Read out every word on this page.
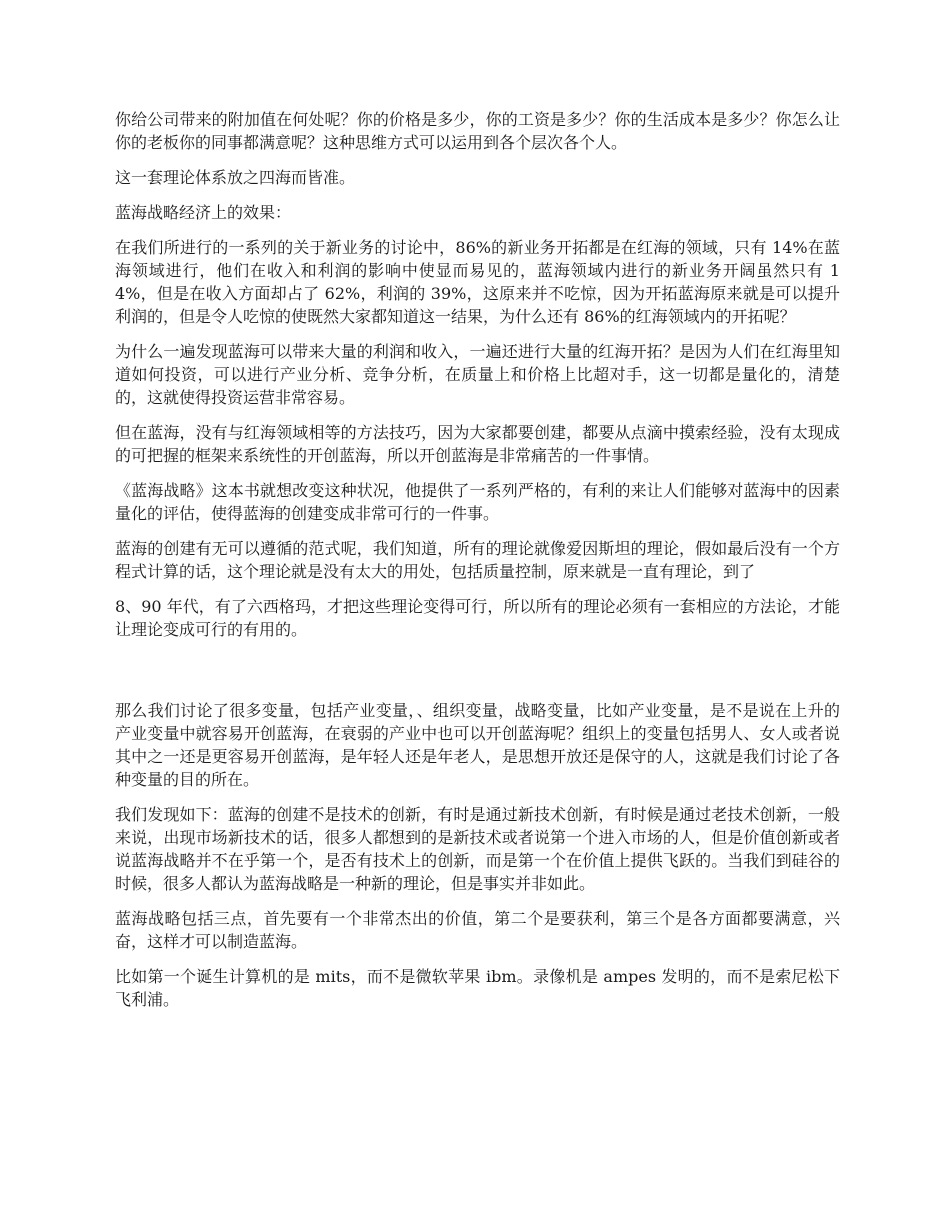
你给公司带来的附加值在何处呢？你的价格是多少，你的工资是多少？你的生活成本是多少？你怎么让你的老板你的同事都满意呢？这种思维方式可以运用到各个层次各个人。

这一套理论体系放之四海而皆准。

蓝海战略经济上的效果：

在我们所进行的一系列的关于新业务的讨论中，86%的新业务开拓都是在红海的领域，只有 14%在蓝海领域进行，他们在收入和利润的影响中使显而易见的，蓝海领域内进行的新业务开阔虽然只有 14%，但是在收入方面却占了 62%，利润的 39%，这原来并不吃惊，因为开拓蓝海原来就是可以提升利润的，但是令人吃惊的使既然大家都知道这一结果，为什么还有 86%的红海领域内的开拓呢？

为什么一遍发现蓝海可以带来大量的利润和收入，一遍还进行大量的红海开拓？是因为人们在红海里知道如何投资，可以进行产业分析、竞争分析，在质量上和价格上比超对手，这一切都是量化的，清楚的，这就使得投资运营非常容易。

但在蓝海，没有与红海领域相等的方法技巧，因为大家都要创建，都要从点滴中摸索经验，没有太现成的可把握的框架来系统性的开创蓝海，所以开创蓝海是非常痛苦的一件事情。

《蓝海战略》这本书就想改变这种状况，他提供了一系列严格的，有利的来让人们能够对蓝海中的因素量化的评估，使得蓝海的创建变成非常可行的一件事。

蓝海的创建有无可以遵循的范式呢，我们知道，所有的理论就像爱因斯坦的理论，假如最后没有一个方程式计算的话，这个理论就是没有太大的用处，包括质量控制，原来就是一直有理论，到了

8、90 年代，有了六西格玛，才把这些理论变得可行，所以所有的理论必须有一套相应的方法论，才能让理论变成可行的有用的。

那么我们讨论了很多变量，包括产业变量，、组织变量，战略变量，比如产业变量，是不是说在上升的产业变量中就容易开创蓝海，在衰弱的产业中也可以开创蓝海呢？组织上的变量包括男人、女人或者说其中之一还是更容易开创蓝海，是年轻人还是年老人，是思想开放还是保守的人，这就是我们讨论了各种变量的目的所在。

我们发现如下：蓝海的创建不是技术的创新，有时是通过新技术创新，有时候是通过老技术创新，一般来说，出现市场新技术的话，很多人都想到的是新技术或者说第一个进入市场的人，但是价值创新或者说蓝海战略并不在乎第一个，是否有技术上的创新，而是第一个在价值上提供飞跃的。当我们到硅谷的时候，很多人都认为蓝海战略是一种新的理论，但是事实并非如此。

蓝海战略包括三点，首先要有一个非常杰出的价值，第二个是要获利，第三个是各方面都要满意，兴奋，这样才可以制造蓝海。

比如第一个诞生计算机的是 mits，而不是微软苹果 ibm。录像机是 ampes 发明的，而不是索尼松下飞利浦。
